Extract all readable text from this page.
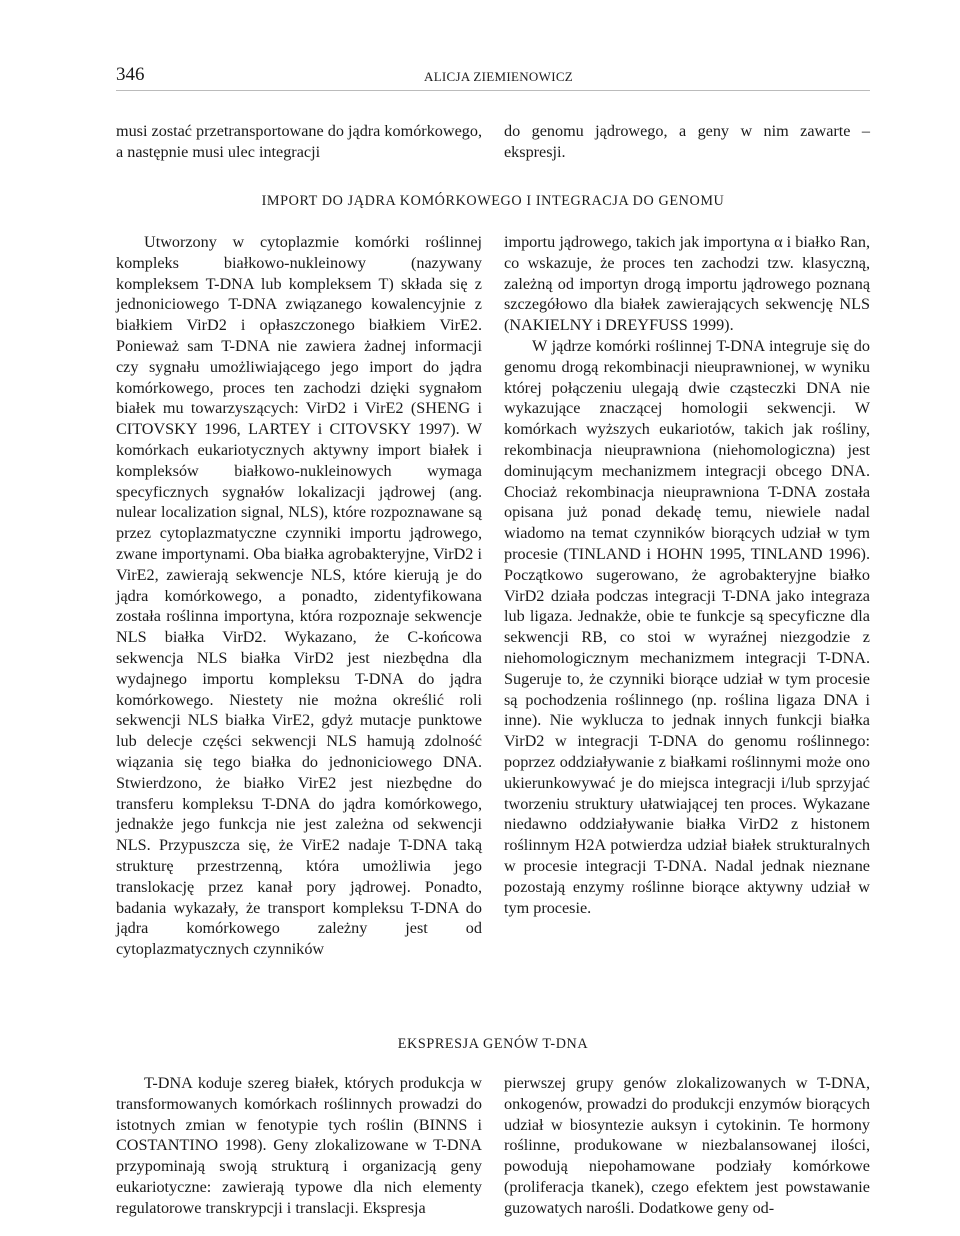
346	ALICJA ZIEMIENOWICZ

musi zostać przetransportowane do jądra komórkowego, a następnie musi ulec integracji

do genomu jądrowego, a geny w nim zawarte – ekspresji.

IMPORT DO JĄDRA KOMÓRKOWEGO I INTEGRACJA DO GENOMU

Utworzony w cytoplazmie komórki roślinnej kompleks białkowo-nukleinowy (nazywany kompleksem T-DNA lub kompleksem T) składa się z jednoniciowego T-DNA związanego kowalencyjnie z białkiem VirD2 i opłaszczonego białkiem VirE2. Ponieważ sam T-DNA nie zawiera żadnej informacji czy sygnału umożliwiającego jego import do jądra komórkowego, proces ten zachodzi dzięki sygnałom białek mu towarzyszących: VirD2 i VirE2 (SHENG i CITOVSKY 1996, LARTEY i CITOVSKY 1997). W komórkach eukariotycznych aktywny import białek i kompleksów białkowo-nukleinowych wymaga specyficznych sygnałów lokalizacji jądrowej (ang. nulear localization signal, NLS), które rozpoznawane są przez cytoplazmatyczne czynniki importu jądrowego, zwane importynami. Oba białka agrobakteryjne, VirD2 i VirE2, zawierają sekwencje NLS, które kierują je do jądra komórkowego, a ponadto, zidentyfikowana została roślinna importyna, która rozpoznaje sekwencje NLS białka VirD2. Wykazano, że C-końcowa sekwencja NLS białka VirD2 jest niezbędna dla wydajnego importu kompleksu T-DNA do jądra komórkowego. Niestety nie można określić roli sekwencji NLS białka VirE2, gdyż mutacje punktowe lub delecje części sekwencji NLS hamują zdolność wiązania się tego białka do jednoniciowego DNA. Stwierdzono, że białko VirE2 jest niezbędne do transferu kompleksu T-DNA do jądra komórkowego, jednakże jego funkcja nie jest zależna od sekwencji NLS. Przypuszcza się, że VirE2 nadaje T-DNA taką strukturę przestrzenną, która umożliwia jego translokację przez kanał pory jądrowej. Ponadto, badania wykazały, że transport kompleksu T-DNA do jądra komórkowego zależny jest od cytoplazmatycznych czynników

importu jądrowego, takich jak importyna α i białko Ran, co wskazuje, że proces ten zachodzi tzw. klasyczną, zależną od importyn drogą importu jądrowego poznaną szczegółowo dla białek zawierających sekwencję NLS (NAKIELNY i DREYFUSS 1999).

W jądrze komórki roślinnej T-DNA integruje się do genomu drogą rekombinacji nieuprawnionej, w wyniku której połączeniu ulegają dwie cząsteczki DNA nie wykazujące znaczącej homologii sekwencji. W komórkach wyższych eukariotów, takich jak rośliny, rekombinacja nieuprawniona (niehomologiczna) jest dominującym mechanizmem integracji obcego DNA. Chociaż rekombinacja nieuprawniona T-DNA została opisana już ponad dekadę temu, niewiele nadal wiadomo na temat czynników biorących udział w tym procesie (TINLAND i HOHN 1995, TINLAND 1996). Początkowo sugerowano, że agrobakteryjne białko VirD2 działa podczas integracji T-DNA jako integraza lub ligaza. Jednakże, obie te funkcje są specyficzne dla sekwencji RB, co stoi w wyraźnej niezgodzie z niehomologicznym mechanizmem integracji T-DNA. Sugeruje to, że czynniki biorące udział w tym procesie są pochodzenia roślinnego (np. roślina ligaza DNA i inne). Nie wyklucza to jednak innych funkcji białka VirD2 w integracji T-DNA do genomu roślinnego: poprzez oddziaływanie z białkami roślinnymi może ono ukierunkowywać je do miejsca integracji i/lub sprzyjać tworzeniu struktury ułatwiającej ten proces. Wykazane niedawno oddziaływanie białka VirD2 z histonem roślinnym H2A potwierdza udział białek strukturalnych w procesie integracji T-DNA. Nadal jednak nieznane pozostają enzymy roślinne biorące aktywny udział w tym procesie.

EKSPRESJA GENÓW T-DNA

T-DNA koduje szereg białek, których produkcja w transformowanych komórkach roślinnych prowadzi do istotnych zmian w fenotypie tych roślin (BINNS i COSTANTINO 1998). Geny zlokalizowane w T-DNA przypominają swoją strukturą i organizacją geny eukariotyczne: zawierają typowe dla nich elementy regulatorowe transkrypcji i translacji. Ekspresja

pierwszej grupy genów zlokalizowanych w T-DNA, onkogenów, prowadzi do produkcji enzymów biorących udział w biosyntezie auksyn i cytokinin. Te hormony roślinne, produkowane w niezbalansowanej ilości, powodują niepohamowane podziały komórkowe (proliferacja tkanek), czego efektem jest powstawanie guzowatych narośli. Dodatkowe geny od-
